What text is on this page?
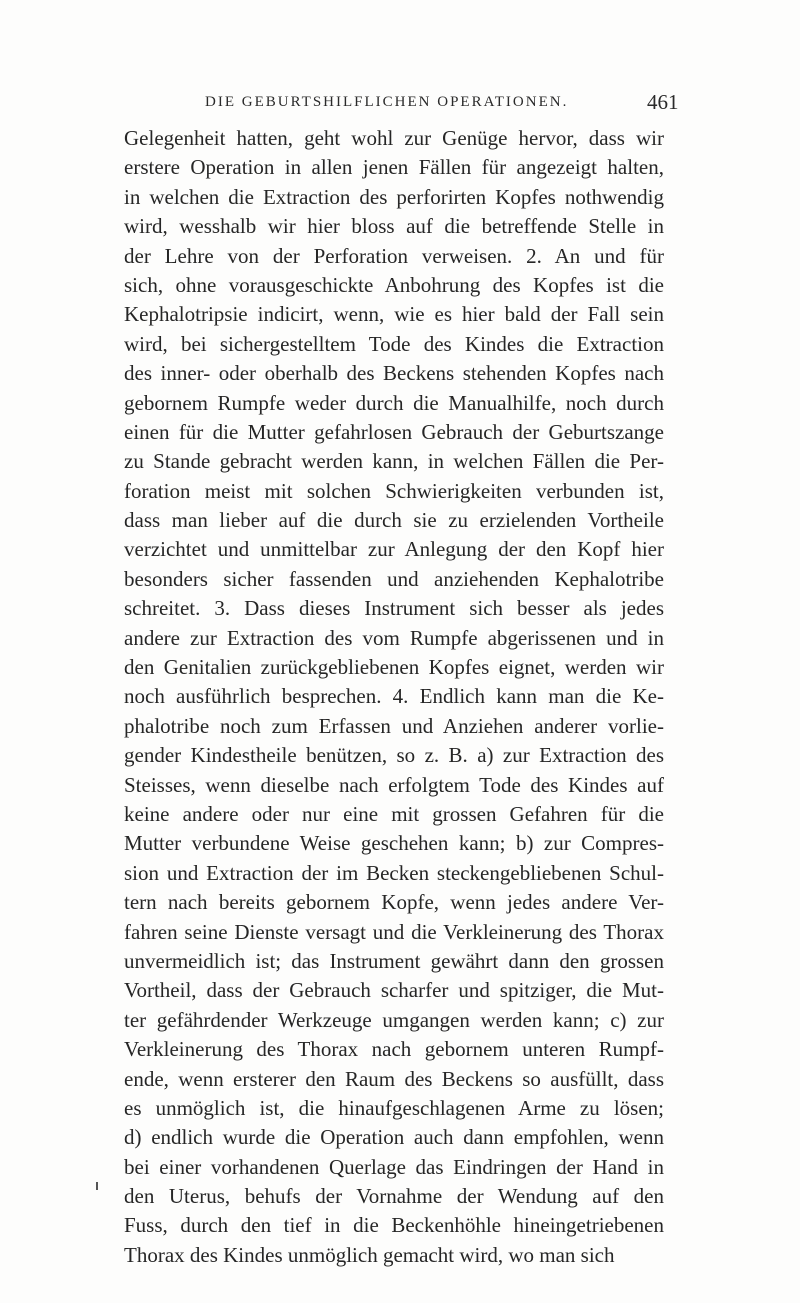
DIE GEBURTSHILFLICHEN OPERATIONEN.	461
Gelegenheit hatten, geht wohl zur Genüge hervor, dass wir
erstere Operation in allen jenen Fällen für angezeigt halten,
in welchen die Extraction des perforirten Kopfes nothwendig
wird, wesshalb wir hier bloss auf die betreffende Stelle in
der Lehre von der Perforation verweisen. 2. An und für
sich, ohne vorausgeschickte Anbohrung des Kopfes ist die
Kephalotripsie indicirt, wenn, wie es hier bald der Fall sein
wird, bei sichergestelltem Tode des Kindes die Extraction
des inner- oder oberhalb des Beckens stehenden Kopfes nach
gebornem Rumpfe weder durch die Manualhilfe, noch durch
einen für die Mutter gefahrlosen Gebrauch der Geburtszange
zu Stande gebracht werden kann, in welchen Fällen die Per-
foration meist mit solchen Schwierigkeiten verbunden ist,
dass man lieber auf die durch sie zu erzielenden Vortheile
verzichtet und unmittelbar zur Anlegung der den Kopf hier
besonders sicher fassenden und anziehenden Kephalotribe
schreitet. 3. Dass dieses Instrument sich besser als jedes
andere zur Extraction des vom Rumpfe abgerissenen und in
den Genitalien zurückgebliebenen Kopfes eignet, werden wir
noch ausführlich besprechen. 4. Endlich kann man die Ke-
phalotribe noch zum Erfassen und Anziehen anderer vorlie-
gender Kindestheile benützen, so z. B. a) zur Extraction des
Steisses, wenn dieselbe nach erfolgtem Tode des Kindes auf
keine andere oder nur eine mit grossen Gefahren für die
Mutter verbundene Weise geschehen kann; b) zur Compres-
sion und Extraction der im Becken steckengebliebenen Schul-
tern nach bereits gebornem Kopfe, wenn jedes andere Ver-
fahren seine Dienste versagt und die Verkleinerung des Thorax
unvermeidlich ist; das Instrument gewährt dann den grossen
Vortheil, dass der Gebrauch scharfer und spitziger, die Mut-
ter gefährdender Werkzeuge umgangen werden kann; c) zur
Verkleinerung des Thorax nach gebornem unteren Rumpf-
ende, wenn ersterer den Raum des Beckens so ausfüllt, dass
es unmöglich ist, die hinaufgeschlagenen Arme zu lösen;
d) endlich wurde die Operation auch dann empfohlen, wenn
bei einer vorhandenen Querlage das Eindringen der Hand in
den Uterus, behufs der Vornahme der Wendung auf den
Fuss, durch den tief in die Beckenhöhle hineingetriebenen
Thorax des Kindes unmöglich gemacht wird, wo man sich
